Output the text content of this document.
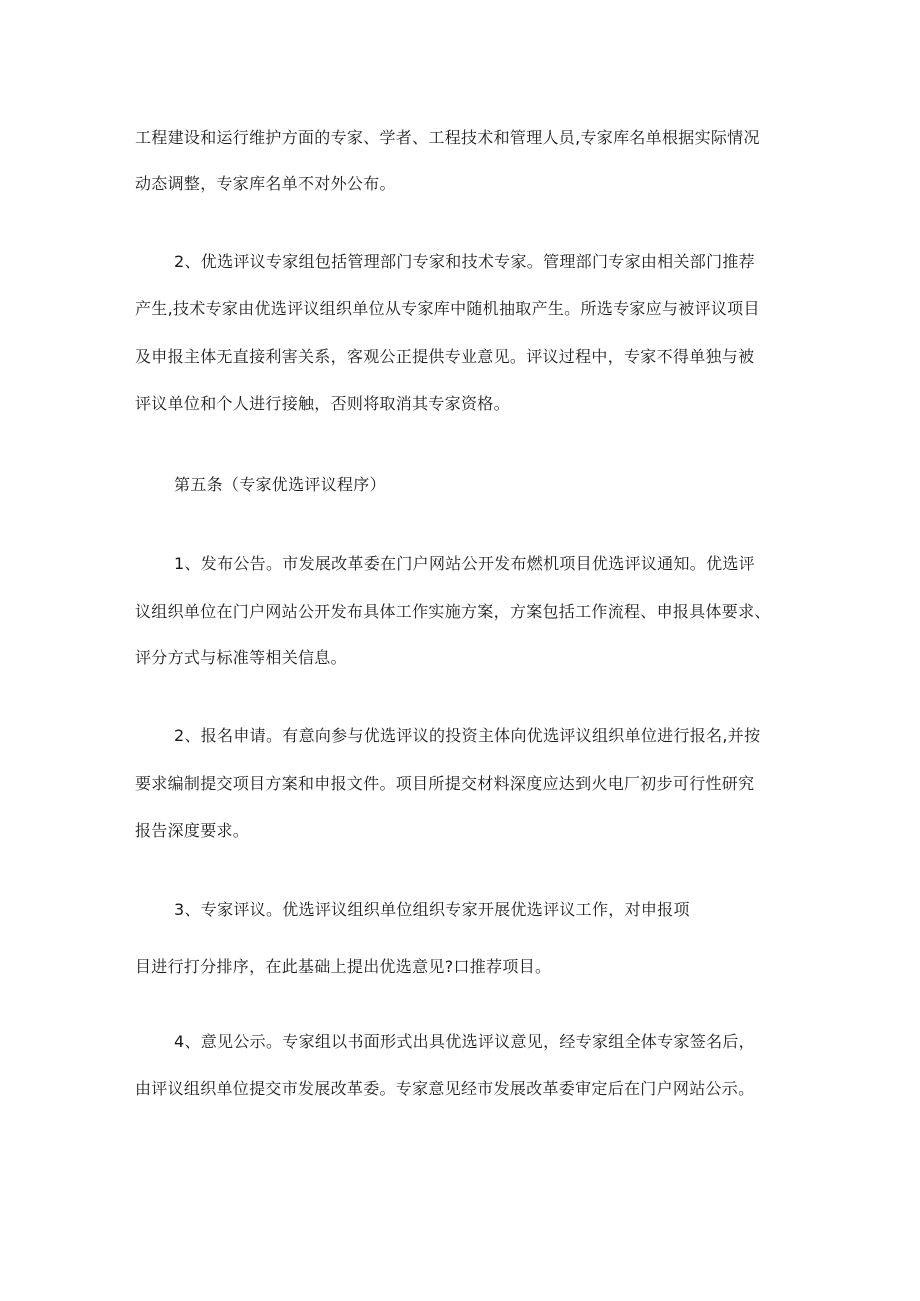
工程建设和运行维护方面的专家、学者、工程技术和管理人员,专家库名单根据实际情况
动态调整，专家库名单不对外公布。
2、优选评议专家组包括管理部门专家和技术专家。管理部门专家由相关部门推荐
产生,技术专家由优选评议组织单位从专家库中随机抽取产生。所选专家应与被评议项目
及申报主体无直接利害关系，客观公正提供专业意见。评议过程中，专家不得单独与被
评议单位和个人进行接触，否则将取消其专家资格。
第五条（专家优选评议程序）
1、发布公告。市发展改革委在门户网站公开发布燃机项目优选评议通知。优选评
议组织单位在门户网站公开发布具体工作实施方案，方案包括工作流程、申报具体要求、
评分方式与标准等相关信息。
2、报名申请。有意向参与优选评议的投资主体向优选评议组织单位进行报名,并按
要求编制提交项目方案和申报文件。项目所提交材料深度应达到火电厂初步可行性研究
报告深度要求。
3、专家评议。优选评议组织单位组织专家开展优选评议工作，对申报项
目进行打分排序，在此基础上提出优选意见?口推荐项目。
4、意见公示。专家组以书面形式出具优选评议意见，经专家组全体专家签名后，
由评议组织单位提交市发展改革委。专家意见经市发展改革委审定后在门户网站公示。
